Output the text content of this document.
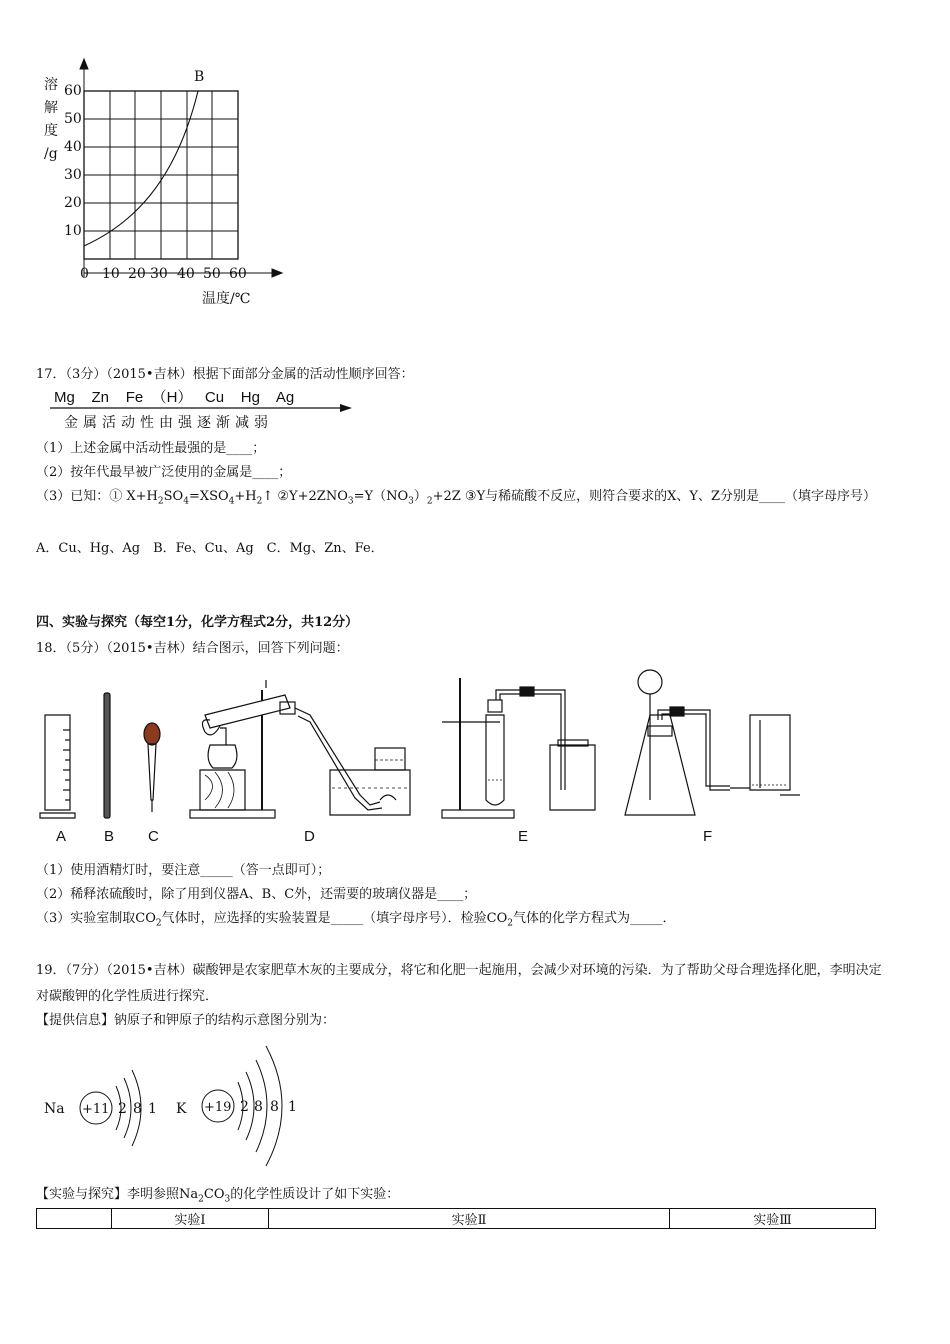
B
溶
解
度
/g
10
20
30
40
50
60
0 10 20 30 40 50 60
温度/℃
17．（3分）（2015•吉林）根据下面部分金属的活动性顺序回答：
Mg Zn Fe （H） Cu Hg Ag
金属活动性由强逐渐减弱
（1）上述金属中活动性最强的是____；
（2）按年代最早被广泛使用的金属是____；
（3）已知：① $X+H_2SO_4=XSO_4+H_2↑$ $②Y+2ZNO_3=Y(NO_3)_2+2Z$ ③Y与稀硫酸不反应，则符合要求的X、Y、Z分别是____（填字母序号）
A．Cu、Hg、Ag　B．Fe、Cu、Ag　C．Mg、Zn、Fe．
四、实验与探究（每空1分，化学方程式2分，共12分）
18．（5分）（2015•吉林）结合图示，回答下列问题：
A	B C	D	E	F
（1）使用酒精灯时，要注意_____（答一点即可）；
（2）稀释浓硫酸时，除了用到仪器A、B、C外，还需要的玻璃仪器是____；
（3）实验室制取$CO_2$气体时，应选择的实验装置是_____（填字母序号）．检验$CO_2$气体的化学方程式为_____．
19．（7分）（2015•吉林）碳酸钾是农家肥草木灰的主要成分，将它和化肥一起施用，会减少对环境的污染．为了帮助父母合理选择化肥，李明决定对碳酸钾的化学性质进行探究．
【提供信息】钠原子和钾原子的结构示意图分别为：
Na +11 2 8 1 K +19 2 8 8 1
【实验与探究】李明参照$Na_2CO_3$的化学性质设计了如下实验：
	实验Ⅰ	实验Ⅱ	实验Ⅲ
